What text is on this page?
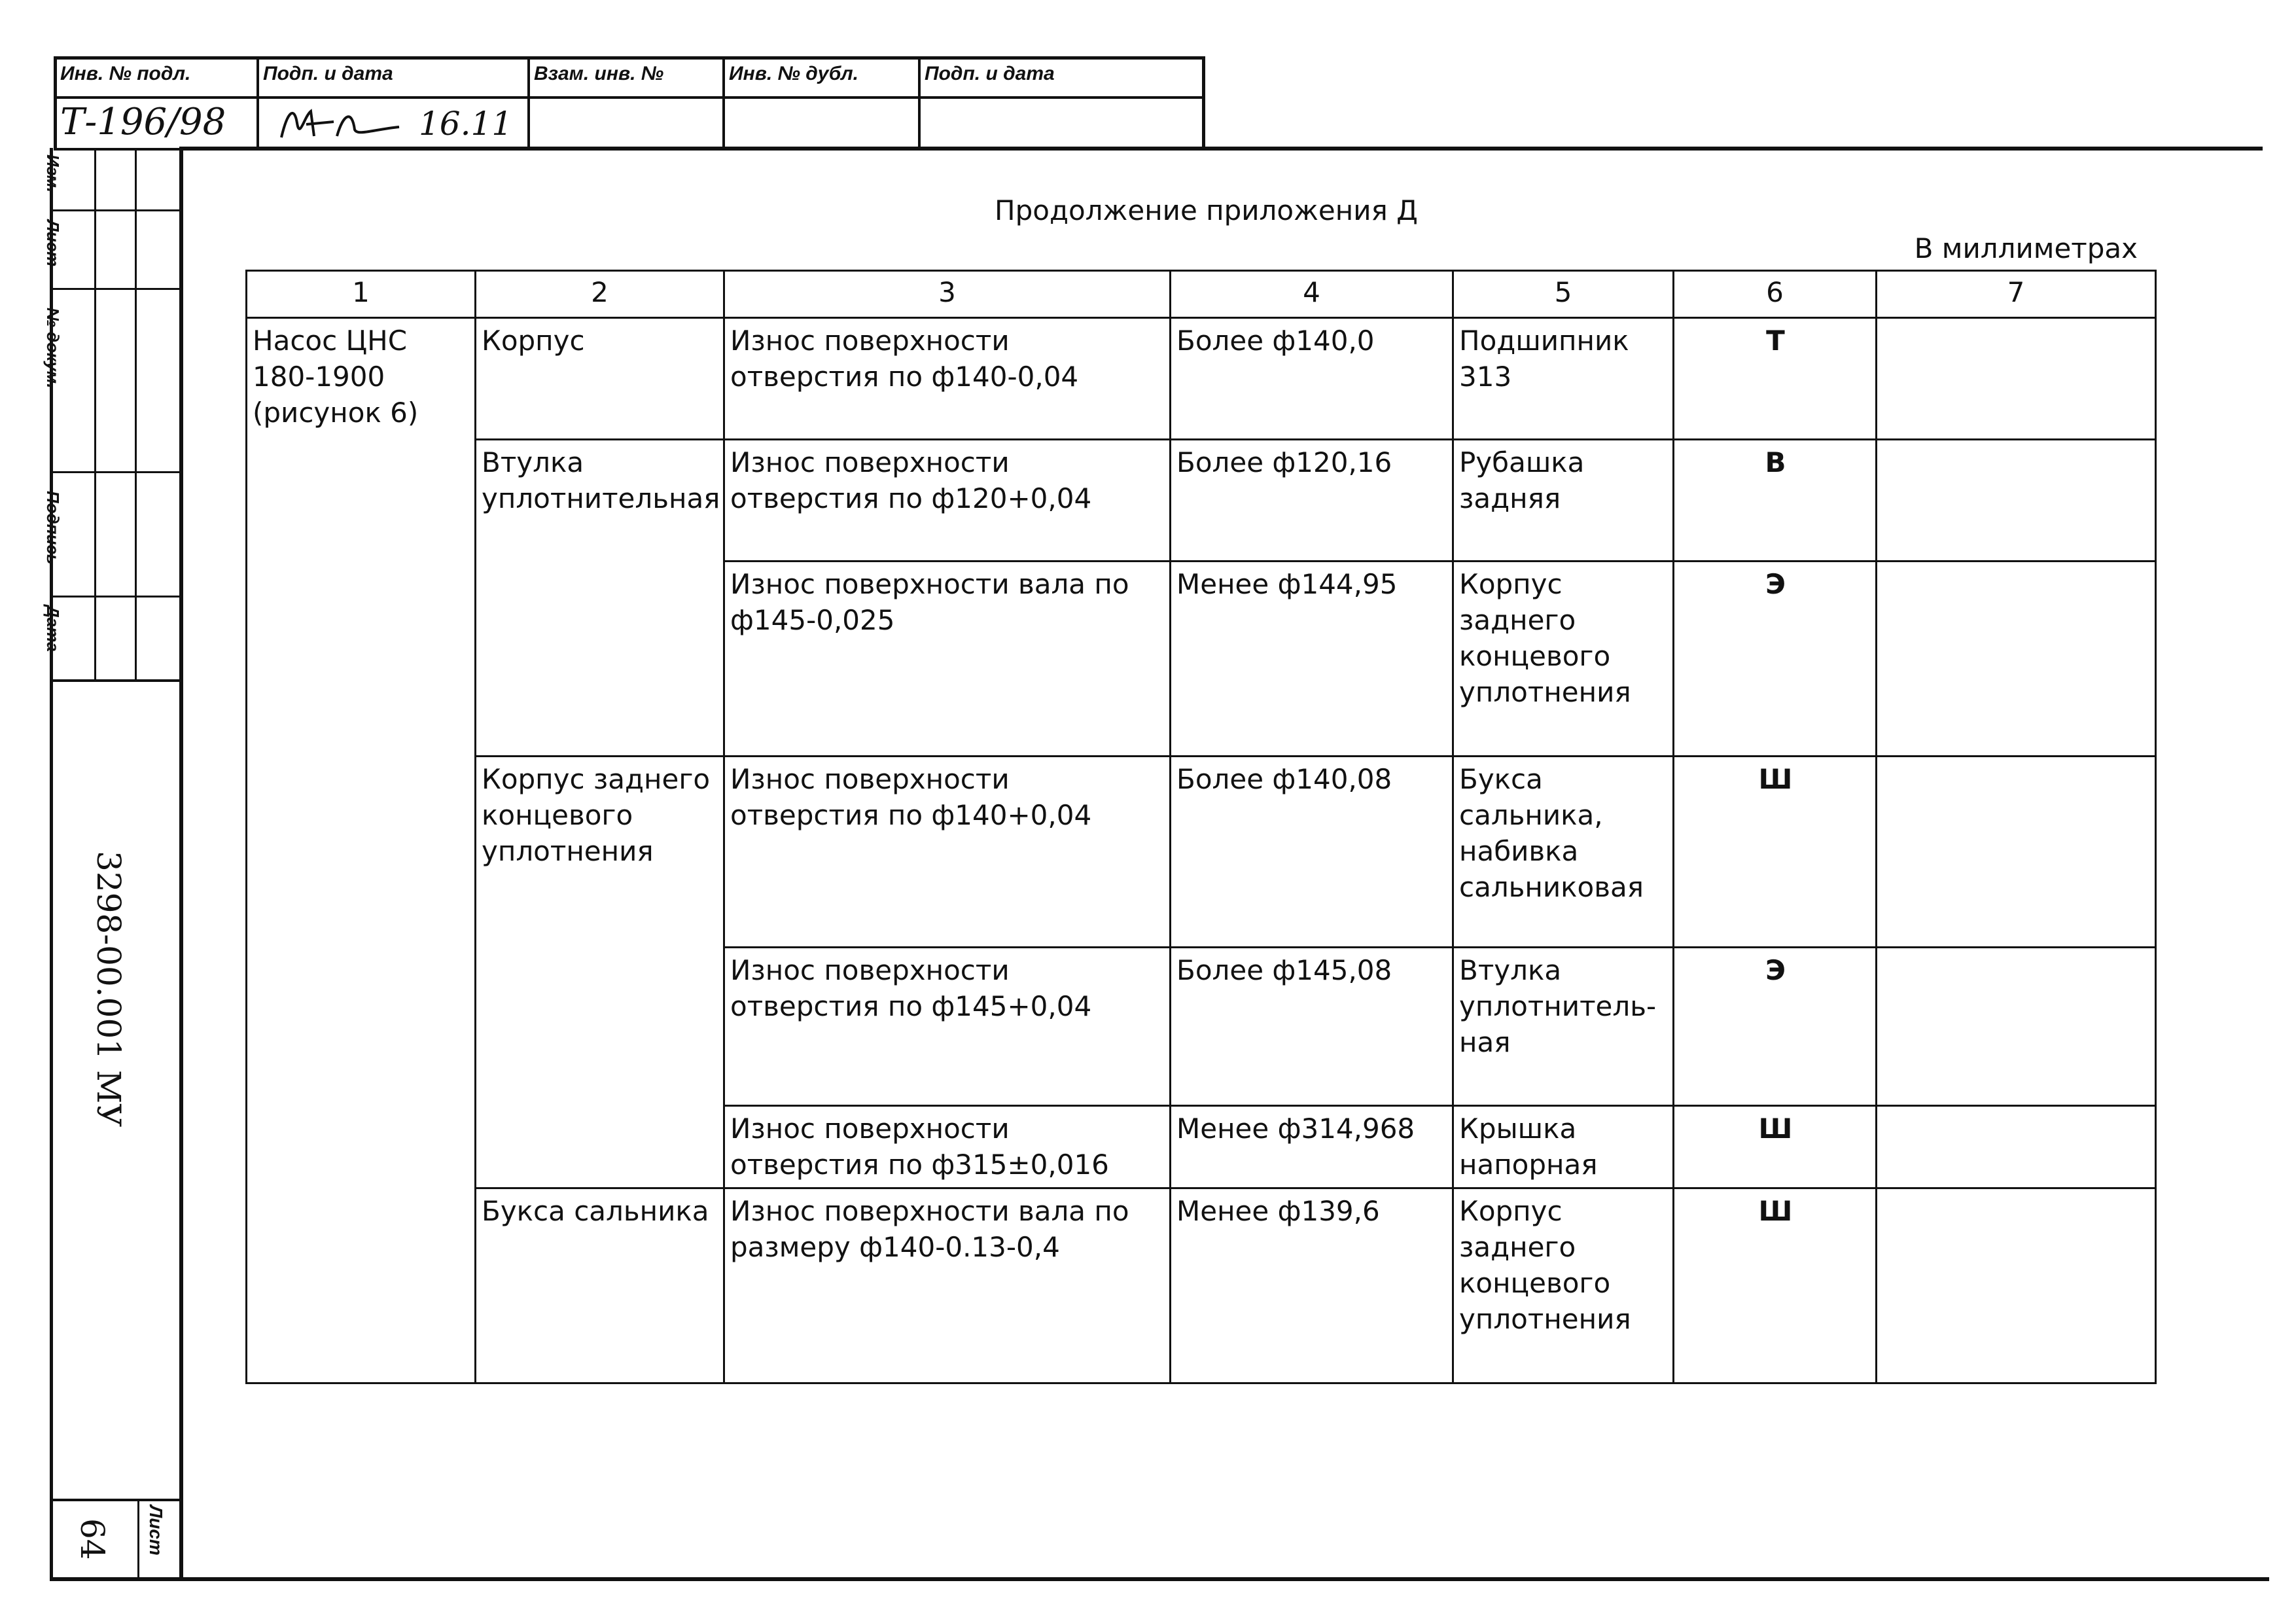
Инв. № подл.	Подп. и дата	Взам. инв. №	Инв. № дубл.	Подп. и дата
Т-196/98	16.11
Изм.
Лист
№ докум.
Подпись
Дата
3298-00.001 МУ
Лист
64
Продолжение приложения Д
В миллиметрах
1	2	3	4	5	6	7
Насос ЦНС 180-1900 (рисунок 6)	Корпус	Износ поверхности отверстия по ф140-0,04	Более ф140,0	Подшипник 313	Т	
	Втулка уплотнительная	Износ поверхности отверстия по ф120+0,04	Более ф120,16	Рубашка задняя	В	
		Износ поверхности вала по ф145-0,025	Менее ф144,95	Корпус заднего концевого уплотнения	Э	
	Корпус заднего концевого уплотнения	Износ поверхности отверстия по ф140+0,04	Более ф140,08	Букса сальника, набивка сальниковая	Ш	
		Износ поверхности отверстия по ф145+0,04	Более ф145,08	Втулка уплотнитель-ная	Э	
		Износ поверхности отверстия по ф315±0,016	Менее ф314,968	Крышка напорная	Ш	
	Букса сальника	Износ поверхности вала по размеру ф140-0.13-0,4	Менее ф139,6	Корпус заднего концевого уплотнения	Ш	
